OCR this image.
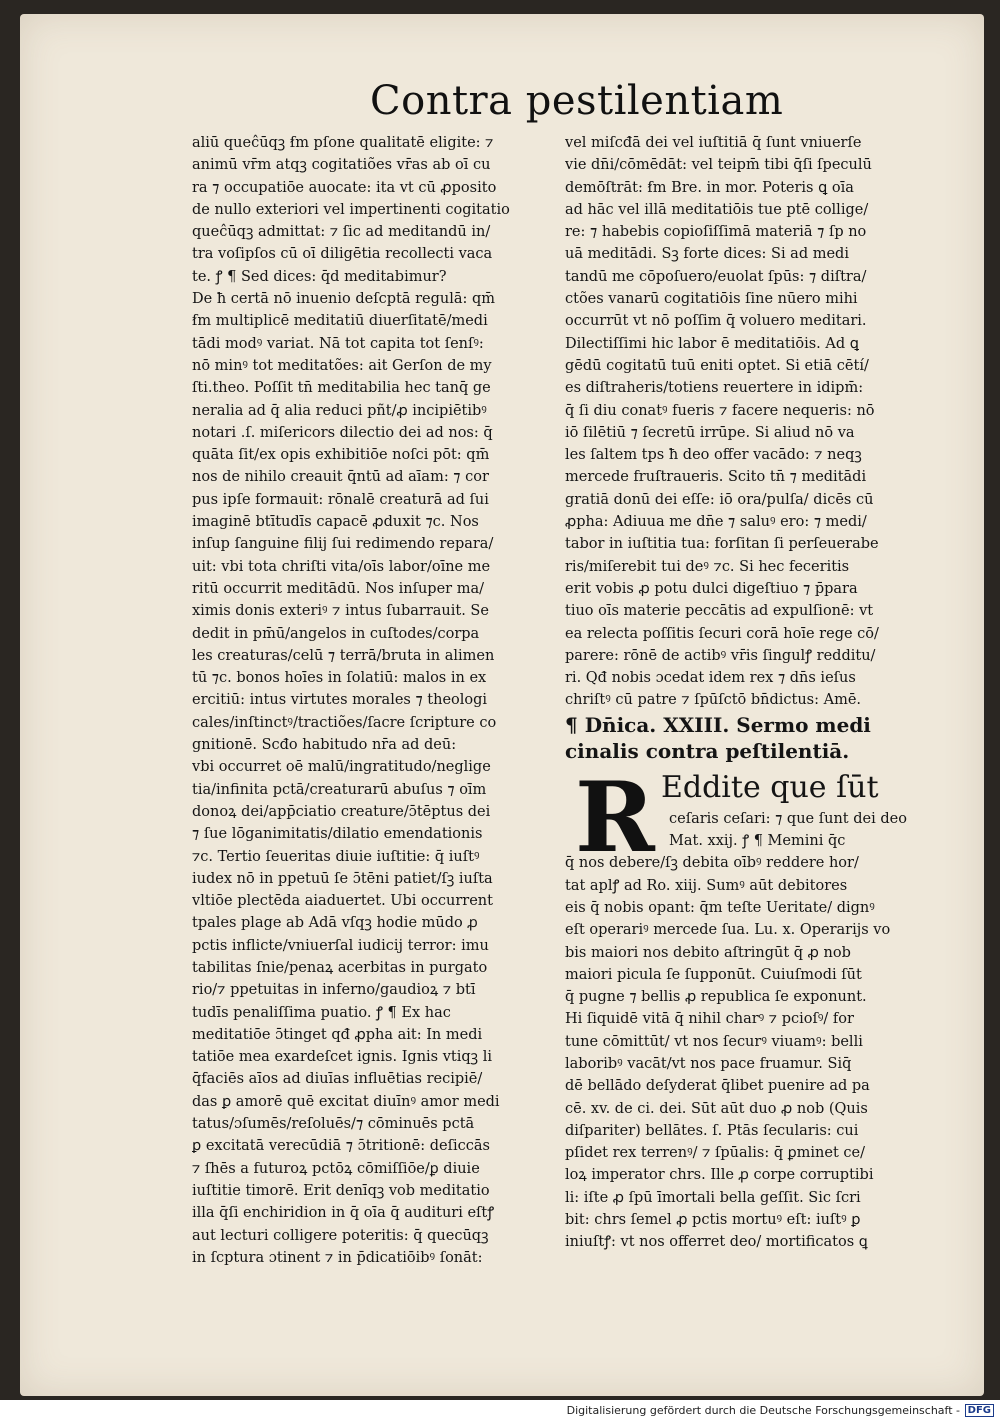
Contra pestilentiam
aliū queĉūqꝫ ẜm pſone qualitatē eligite: ⁊
animū vr̄m atqꝫ cogitatiões vr̄as ab oī cu
ra ⁊ occupatiōe auocate: ita vt cū ꝓposito
de nullo exteriori vel impertinenti cogitatio
queĉūqꝫ admittat: ⁊ ſic ad meditandū in/
tra voſipſos cū oī diligētia recollecti vaca
te. ꝭ ¶ Sed dices: q̄d meditabimur?
De ħ certā nō inuenio deſcptā regulā: qm̄
ẜm multiplicē meditatiū diuerſitatē/medi
tādi modꝰ variat. Nā tot capita tot ſenſꝰ:
nō minꝰ tot meditatões: ait Gerſon de my
ſti.theo. Poſſit tn̄ meditabilia hec tanq̄ ge
neralia ad q̄ alia reduci pñt/ꝓ incipiētibꝰ
notari .ſ. miſericors dilectio dei ad nos: q̄
quāta ſit/ex opis exhibitiōe noſci pōt: qm̄
nos de nihilo creauit q̄ntū ad aīam: ⁊ cor
pus ipſe formauit: rōnalē creaturā ad ſui
imaginē btītudīs capacē ꝓduxit ⁊c. Nos
inſup ſanguine filij ſui redimendo repara/
uit: vbi tota chriſti vita/oīs labor/oīne me
ritū occurrit meditādū. Nos inſuper ma/
ximis donis exteriꝰ ⁊ intus ſubarrauit. Se
dedit in pm̄ū/angelos in cuſtodes/corpa
les creaturas/celū ⁊ terrā/bruta in alimen
tū ⁊c. bonos hoīes in ſolatiū: malos in ex
ercitiū: intus virtutes morales ⁊ theologi
cales/inſtinctꝰ/tractiões/ſacre ſcripture co
gnitionē. Scđo habitudo nr̄a ad deū:
vbi occurret oē malū/ingratitudo/neglige
tia/infinita pctā/creaturarū abuſus ⁊ oīm
donoꝝ dei/app̄ciatio creature/ɔ̄tēptus dei
⁊ ſue lōganimitatis/dilatio emendationis
⁊c. Tertio ſeueritas diuie iuſtitie: q̄ iuſtꝰ
iudex nō in ppetuū ſe ɔ̄tēni patiet/ſꝫ iuſta
vltiōe plectēda aiaduertet. Ubi occurrent
tpales plage ab Adā vſqꝫ hodie mūdo ꝓ
pctis inflicte/vniuerſal iudicij terror: imu
tabilitas ſnie/penaꝝ acerbitas in purgato
rio/⁊ ppetuitas in inferno/gaudioꝝ ⁊ btī
tudīs penaliſſima puatio. ꝭ ¶ Ex hac
meditatiōe ɔ̄tinget qđ ꝓpha ait: In medi
tatiōe mea exardeſcet ignis. Ignis vtiqꝫ li
q̄faciēs aīos ad diuīas influētias recipiē/
das ꝑ amorē quē excitat diuīnꝰ amor medi
tatus/ɔſumēs/reſoluēs/⁊ cōminuēs pctā
ꝑ excitatā verecūdiā ⁊ ɔ̄tritionē: deſiccās
⁊ ſhēs a futuroꝝ pctōꝝ cōmiſſiōe/ꝑ diuie
iuſtitie timorē. Erit denīqꝫ vob meditatio
illa q̄ſi enchiridion in q̄ oīa q̄ audituri eſtꝭ
aut lecturi colligere poteritis: q̄ quecūqꝫ
in ſcptura ɔtinent ⁊ in p̄dicatiōibꝰ ſonāt:
vel miſcđā dei vel iuſtitiā q̄ ſunt vniuerſe
vie dn̄i/cōmēdāt: vel teipm̄ tibi q̄ſi ſpeculū
demōſtrāt: ẜm Bre. in mor. Poteris ꝗ oīa
ad hāc vel illā meditatiōis tue ptē collige/
re: ⁊ habebis copioſiſſimā materiā ⁊ ſp no
uā meditādi. Sꝫ forte dices: Si ad medi
tandū me cōpoſuero/euolat ſpūs: ⁊ diſtra/
ctões vanarū cogitatiōis ſine nūero mihi
occurrūt vt nō poſſim q̄ voluero meditari.
Dilectiſſimi hic labor ē meditatiōis. Ad ꝗ
gēdū cogitatū tuū eniti optet. Si etiā cētí/
es diſtraheris/totiens reuertere in idipm̄:
q̄ ſi diu conatꝰ fueris ⁊ facere nequeris: nō
iō ſilētiū ⁊ ſecretū irrūpe. Si aliud nō va
les ſaltem tps ħ deo offer vacādo: ⁊ neqꝫ
mercede fruſtraueris. Scito tn̄ ⁊ meditādi
gratiā donū dei eſſe: iō ora/pulſa/ dicēs cū
ꝓpha: Adiuua me dn̄e ⁊ saluꝰ ero: ⁊ medi/
tabor in iuſtitia tua: forſitan ſi perſeuerabe
ris/miſerebit tui deꝰ ⁊c. Si hec feceritis
erit vobis ꝓ potu dulci digeſtiuo ⁊ p̄para
tiuo oīs materie peccātis ad expulſionē: vt
ea relecta poſſitis ſecuri corā hoīe rege cō/
parere: rōnē de actibꝰ vr̄is ſingulꝭ redditu/
ri. Qđ nobis ɔcedat idem rex ⁊ dn̄s ieſus
chriſtꝰ cū patre ⁊ ſpūſctō bn̄dictus: Amē.
¶ Dn̄ica. XXIII. Sermo medi
cinalis contra peſtilentiā.
R Eddite que ſūt
ceſaris ceſari: ⁊ que ſunt dei deo
Mat. xxij. ꝭ ¶ Memini q̄c
q̄ nos debere/ſꝫ debita oībꝰ reddere hor/
tat aplꝭ ad Ro. xiij. Sumꝰ aūt debitores
eis q̄ nobis opant: q̄m teſte Ueritate/ dignꝰ
eſt operariꝰ mercede ſua. Lu. x. Operarijs vo
bis maiori nos debito aſtringūt q̄ ꝓ nob
maiori picula ſe ſupponūt. Cuiuſmodi ſūt
q̄ pugne ⁊ bellis ꝓ republica ſe exponunt.
Hi ſiquidē vitā q̄ nihil charꝰ ⁊ pcioſꝰ/ for
tune cōmittūt/ vt nos ſecurꝰ viuamꝰ: belli
laboribꝰ vacāt/vt nos pace fruamur. Siq̄
dē bellādo deſyderat q̄libet puenire ad pa
cē. xv. de ci. dei. Sūt aūt duo ꝓ nob (Quis
diſpariter) bellātes. ſ. Ptās ſecularis: cui
pſidet rex terrenꝰ/ ⁊ ſpūalis: q̄ ꝑminet ce/
loꝝ imperator chrs. Ille ꝓ corpe corruptibi
li: iſte ꝓ ſpū īmortali bella geſſit. Sic ſcri
bit: chrs ſemel ꝓ pctis mortuꝰ eſt: iuſtꝰ ꝑ
iniuſtꝭ: vt nos offerret deo/ mortificatos ꝗ
Digitalisierung gefördert durch die Deutsche Forschungsgemeinschaft - DFG
